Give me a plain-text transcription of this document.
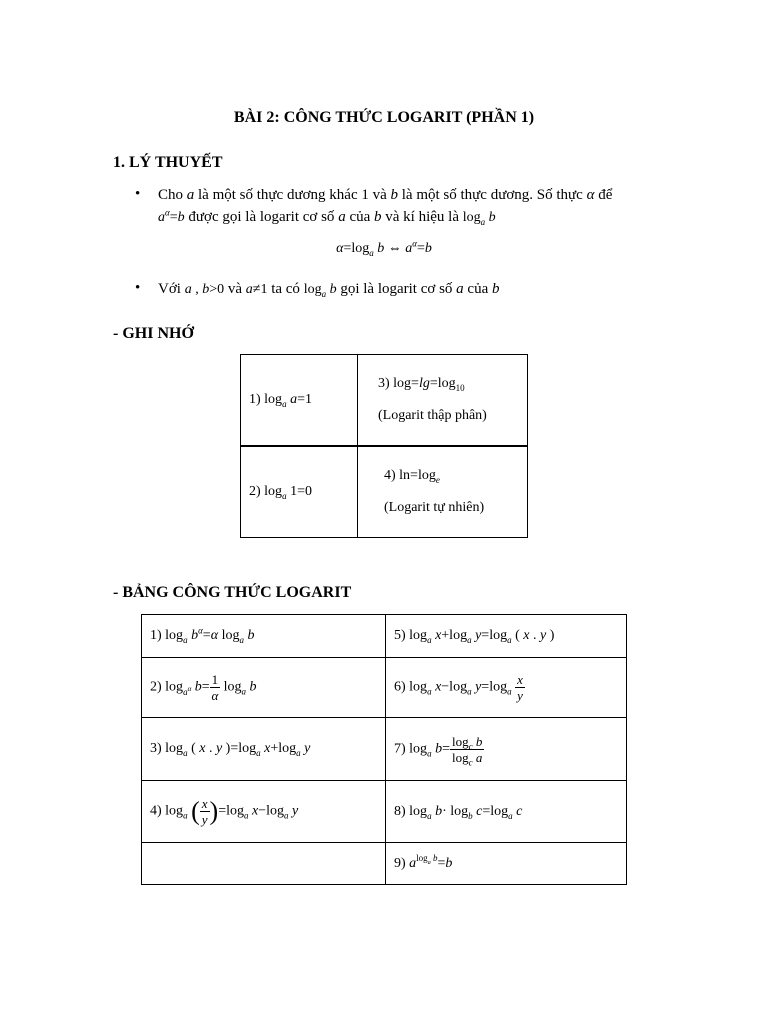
BÀI 2: CÔNG THỨC LOGARIT (PHẦN 1)
1. LÝ THUYẾT
• Cho a là một số thực dương khác 1 và b là một số thực dương. Số thực α để
$a^\alpha=b$ được gọi là logarit cơ số a của b và kí hiệu là $\log_a b$
$\alpha=\log_a$ b ⇔ $a^\alpha=b$
• Với a , b>0 và a≠1 ta có $\log_a b$ gọi là logarit cơ số a của b
- GHI NHỚ
1) $\log_a a=1$	3) $\log=\lg=\log_{10}$

(Logarit thập phân)
2) $\log_a 1=0$	4) $\ln=\log_e$

(Logarit tự nhiên)
- BẢNG CÔNG THỨC LOGARIT
1) $\log_a b^\alpha=\alpha$ $\log_a b$	5) $\log_a x+\log_a$ $y=\log_a$ ( x . y )
2) $\log_{a^\alpha} b= \frac{1}{\alpha} \log_a b$	6) $\log_a x-\log_a$ $y=\log_a \frac{x}{y}$

3) $\log_a$ ( x . y )$=\log_a$ $x+\log_a$ y	7) $\log_a b= \frac{\log_c b}{\log_c a}$

4) $\log_a$ ( $\frac{x}{y} )=\log_a$ $x-\log_a$ y	8) $\log_a b\cdot \log_b c=\log_a$ c
	9) $a^{log_a b}=b$
